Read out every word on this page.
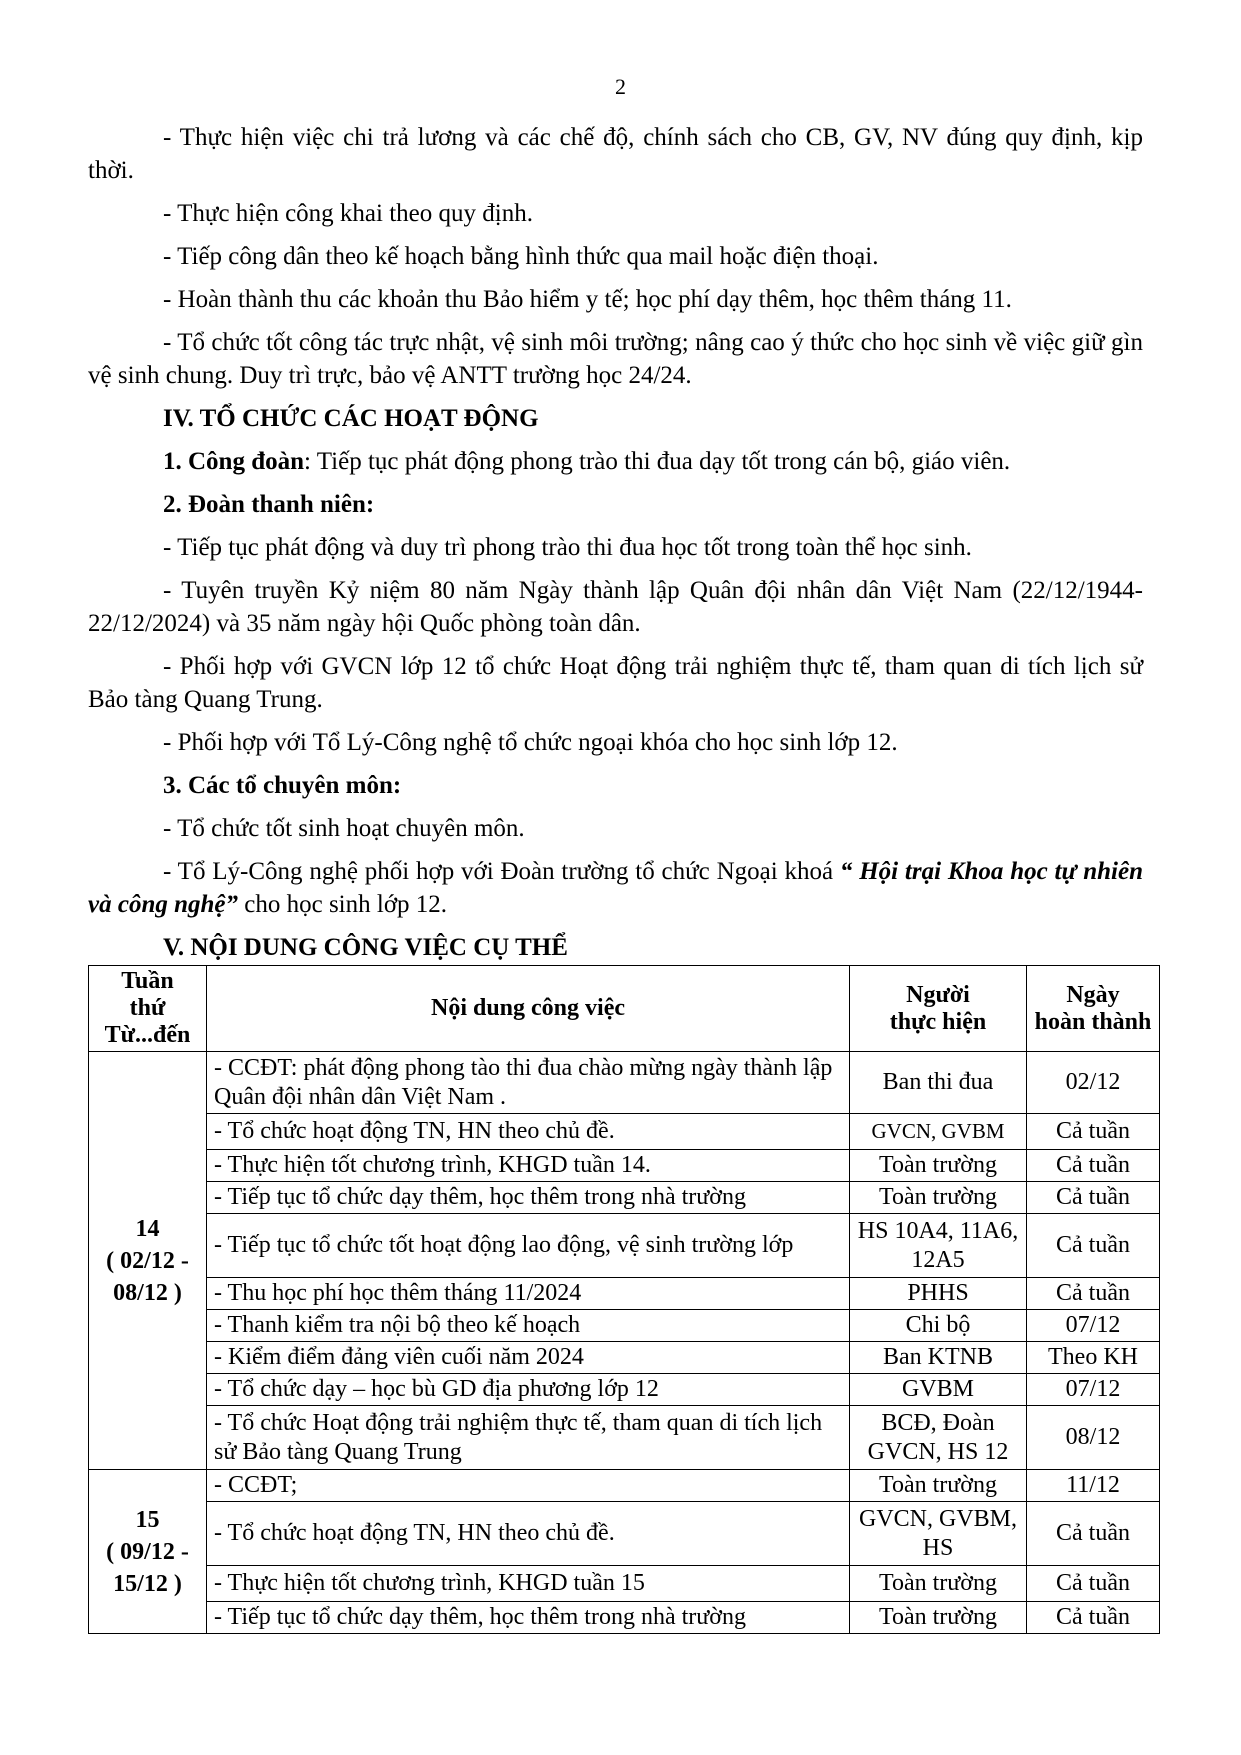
2

- Thực hiện việc chi trả lương và các chế độ, chính sách cho CB, GV, NV đúng quy định, kịp thời.

- Thực hiện công khai theo quy định.

- Tiếp công dân theo kế hoạch bằng hình thức qua mail hoặc điện thoại.

- Hoàn thành thu các khoản thu Bảo hiểm y tế; học phí dạy thêm, học thêm tháng 11.

- Tổ chức tốt công tác trực nhật, vệ sinh môi trường; nâng cao ý thức cho học sinh về việc giữ gìn vệ sinh chung. Duy trì trực, bảo vệ ANTT trường học 24/24.

IV. TỔ CHỨC CÁC HOẠT ĐỘNG

1. Công đoàn: Tiếp tục phát động phong trào thi đua dạy tốt trong cán bộ, giáo viên.

2. Đoàn thanh niên:

- Tiếp tục phát động và duy trì phong trào thi đua học tốt trong toàn thể học sinh.

- Tuyên truyền Kỷ niệm 80 năm Ngày thành lập Quân đội nhân dân Việt Nam (22/12/1944- 22/12/2024) và 35 năm ngày hội Quốc phòng toàn dân.

- Phối hợp với GVCN lớp 12 tổ chức Hoạt động trải nghiệm thực tế, tham quan di tích lịch sử Bảo tàng Quang Trung.

- Phối hợp với Tổ Lý-Công nghệ tổ chức ngoại khóa cho học sinh lớp 12.

3. Các tổ chuyên môn:

- Tổ chức tốt sinh hoạt chuyên môn.

- Tổ Lý-Công nghệ phối hợp với Đoàn trường tổ chức Ngoại khoá “ Hội trại Khoa học tự nhiên và công nghệ” cho học sinh lớp 12.

V. NỘI DUNG CÔNG VIỆC CỤ THỂ

Tuần
thứ
Từ...đến	Nội dung công việc	Người
thực hiện	Ngày
hoàn thành
14
( 02/12 -
08/12 )	- CCĐT: phát động phong tào thi đua chào mừng ngày thành lập Quân đội nhân dân Việt Nam .	Ban thi đua	02/12
	- Tổ chức hoạt động TN, HN theo chủ đề.	GVCN, GVBM	Cả tuần
	- Thực hiện tốt chương trình, KHGD tuần 14.	Toàn trường	Cả tuần
	- Tiếp tục tổ chức dạy thêm, học thêm trong nhà trường	Toàn trường	Cả tuần
	- Tiếp tục tổ chức tốt hoạt động lao động, vệ sinh trường lớp	HS 10A4, 11A6, 12A5	Cả tuần
	- Thu học phí học thêm tháng 11/2024	PHHS	Cả tuần
	- Thanh kiểm tra nội bộ theo kế hoạch	Chi bộ	07/12
	- Kiểm điểm đảng viên cuối năm 2024	Ban KTNB	Theo KH
	- Tổ chức dạy – học bù GD địa phương lớp 12	GVBM	07/12
	- Tổ chức Hoạt động trải nghiệm thực tế, tham quan di tích lịch sử Bảo tàng Quang Trung	BCĐ, Đoàn GVCN, HS 12	08/12
15
( 09/12 -
15/12 )	- CCĐT;	Toàn trường	11/12
	- Tổ chức hoạt động TN, HN theo chủ đề.	GVCN, GVBM, HS	Cả tuần
	- Thực hiện tốt chương trình, KHGD tuần 15	Toàn trường	Cả tuần
	- Tiếp tục tổ chức dạy thêm, học thêm trong nhà trường	Toàn trường	Cả tuần
